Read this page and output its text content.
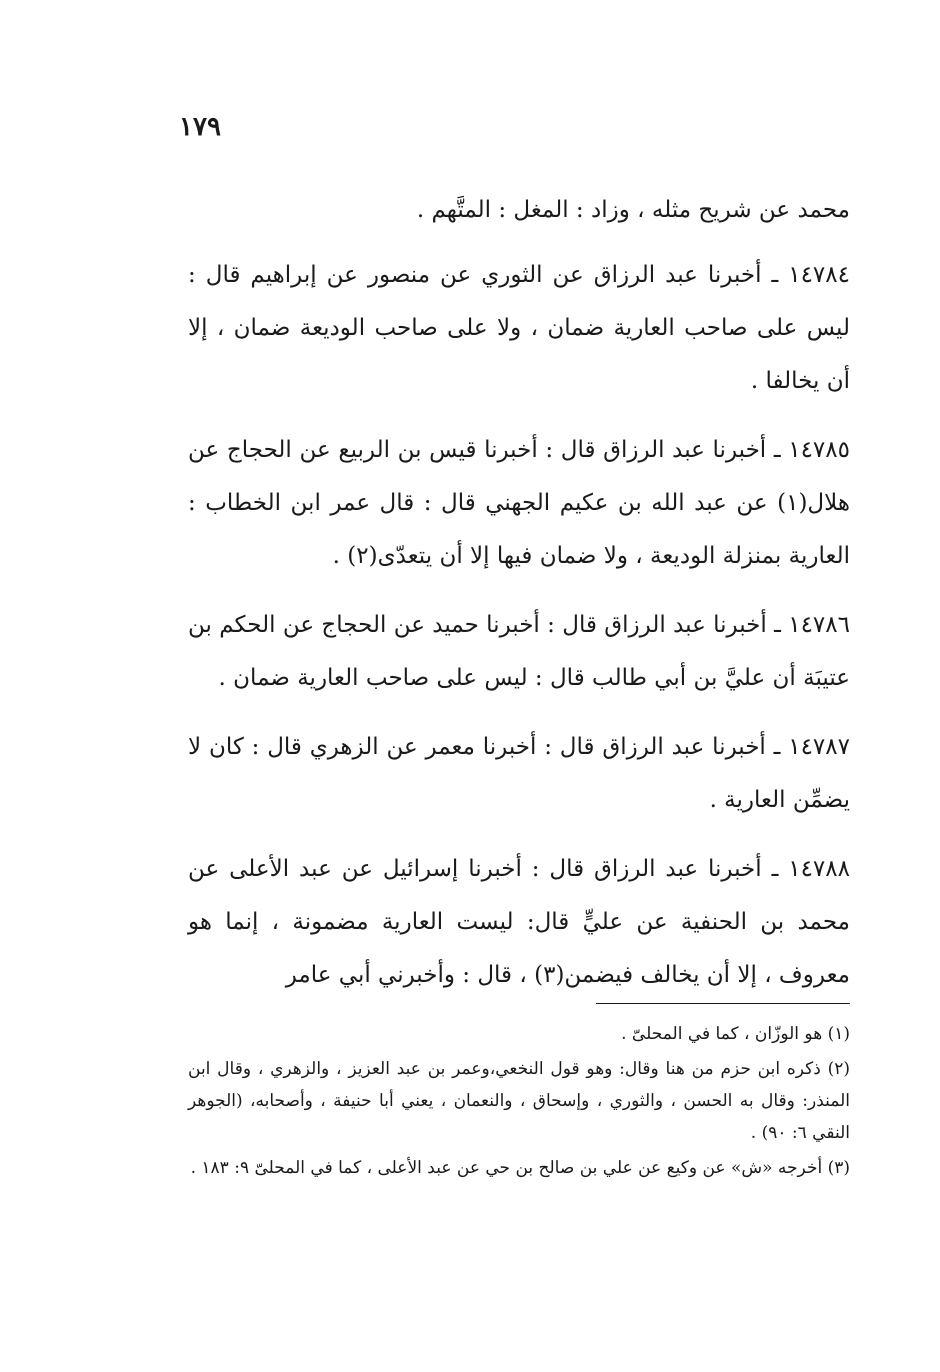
١٧٩

محمد عن شريح مثله ، وزاد : المغل : المتَّهم .

١٤٧٨٤ ـ أخبرنا عبد الرزاق عن الثوري عن منصور عن إبراهيم قال : ليس على صاحب العارية ضمان ، ولا على صاحب الوديعة ضمان ، إلا أن يخالفا .

١٤٧٨٥ ـ أخبرنا عبد الرزاق قال : أخبرنا قيس بن الربيع عن الحجاج عن هلال(١) عن عبد الله بن عكيم الجهني قال : قال عمر ابن الخطاب : العارية بمنزلة الوديعة ، ولا ضمان فيها إلا أن يتعدّى(٢) .

١٤٧٨٦ ـ أخبرنا عبد الرزاق قال : أخبرنا حميد عن الحجاج عن الحكم بن عتيبَة أن عليَّ بن أبي طالب قال : ليس على صاحب العارية ضمان .

١٤٧٨٧ ـ أخبرنا عبد الرزاق قال : أخبرنا معمر عن الزهري قال : كان لا يضمِّن العارية .

١٤٧٨٨ ـ أخبرنا عبد الرزاق قال : أخبرنا إسرائيل عن عبد الأعلى عن محمد بن الحنفية عن عليٍّ قال: ليست العارية مضمونة ، إنما هو معروف ، إلا أن يخالف فيضمن(٣) ، قال : وأخبرني أبي عامر

(١) هو الوزّان ، كما في المحلىّ .

(٢) ذكره ابن حزم من هنا وقال: وهو قول النخعي،وعمر بن عبد العزيز ، والزهري ، وقال ابن المنذر: وقال به الحسن ، والثوري ، وإسحاق ، والنعمان ، يعني أبا حنيفة ، وأصحابه، (الجوهر النقي ٦: ٩٠) .

(٣) أخرجه «ش» عن وكيع عن علي بن صالح بن حي عن عبد الأعلى ، كما في المحلىّ ٩: ١٨٣ .
